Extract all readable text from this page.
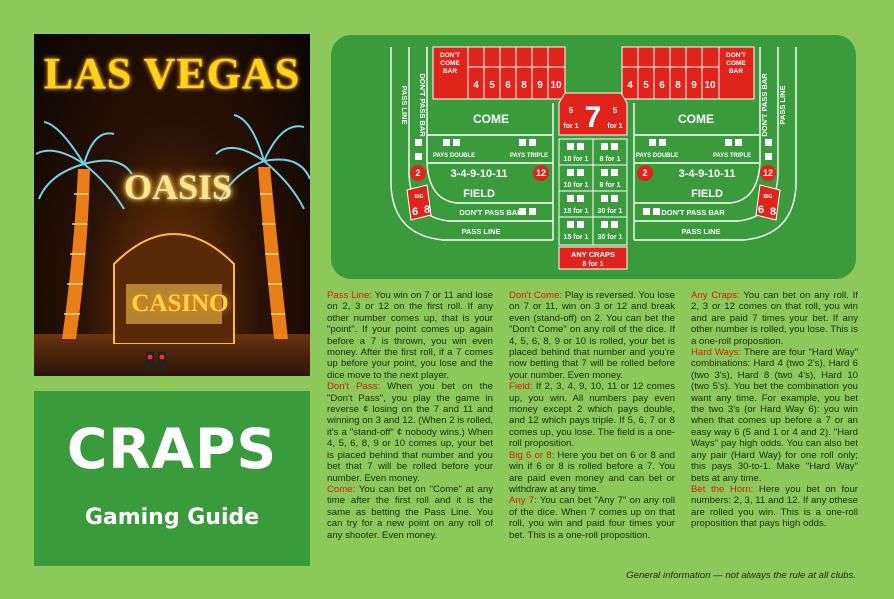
LAS VEGAS
OASIS
CASINO
CRAPS
Gaming Guide
DON'T
COME
BAR
DON'T
COME
BAR
4 5 6 8 9 10	4 5 6 8 9 10
PASS LINE DON'T PASS BAR	PASS LINE
DON'T PASS BAR
COME	COME
PAYS DOUBLE	PAYS TRIPLE	PAYS DOUBLE	PAYS TRIPLE
2	12	2	12
3-4-9-10-11	3-4-9-10-11
FIELD	FIELD
BIG
6 8
BIG
6 8
DON'T PASS BAR	DON'T PASS BAR
PASS LINE	PASS LINE
7
5
for 1
5
for 1
10 for 1 8 for 1
10 for 1 8 for 1
15 for 1 30 for 1
15 for 1 30 for 1
ANY CRAPS
8 for 1

Pass Line: You win on 7 or 11 and lose on 2, 3 or 12 on the first roll. If any other number comes up, that is your "point". If your point comes up again before a 7 is thrown, you win even money. After the first roll, if a 7 comes up before your point, you lose and the dice move to the next player.

Don't Pass: When you bet on the "Don't Pass", you play the game in reverse ¢ losing on the 7 and 11 and winning on 3 and 12. (When 2 is rolled, it's a "stand-off" ¢ nobody wins.) When 4, 5, 6, 8, 9 or 10 comes up, your bet is placed behind that number and you bet that 7 will be rolled before your number. Even money.

Come: You can bet on "Come" at any time after the first roll and it is the same as betting the Pass Line. You can try for a new point on any roll of any shooter. Even money.

Don't Come: Play is reversed. You lose on 7 or 11, win on 3 or 12 and break even (stand-off) on 2. You can bet the "Don't Come" on any roll of the dice. If 4, 5, 6, 8, 9 or 10 is rolled, your bet is placed behind that number and you're now betting that 7 will be rolled before your number. Even money.

Field: If 2, 3, 4, 9, 10, 11 or 12 comes up, you win. All numbers pay even money except 2 which pays double, and 12 which pays triple. If 5, 6, 7 or 8 comes up, you lose. The field is a one-roll proposition.

Big 6 or 8: Here you bet on 6 or 8 and win if 6 or 8 is rolled before a 7. You are paid even money and can bet or withdraw at any time.

Any 7: You can bet "Any 7" on any roll of the dice. When 7 comes up on that roll, you win and paid four times your bet. This is a one-roll proposition.

Any Craps: You can bet on any roll. If 2, 3 or 12 comes on that roll, you win and are paid 7 times your bet. If any other number is rolled, you lose. This is a one-roll proposition.

Hard Ways: There are four "Hard Way" combinations: Hard 4 (two 2's), Hard 6 (two 3's), Hard 8 (two 4's), Hard 10 (two 5's). You bet the combination you want any time. For example, you bet the two 3's (or Hard Way 6): you win when that comes up before a 7 or an easy way 6 (5 and 1 or 4 and 2). "Hard Ways" pay high odds. You can also bet any pair (Hard Way) for one roll only; this pays 30-to-1. Make "Hard Way" bets at any time.

Bet the Horn: Here you bet on four numbers: 2, 3, 11 and 12. If any othese are rolled you win. This is a one-roll proposition that pays high odds.

General information — not always the rule at all clubs.
